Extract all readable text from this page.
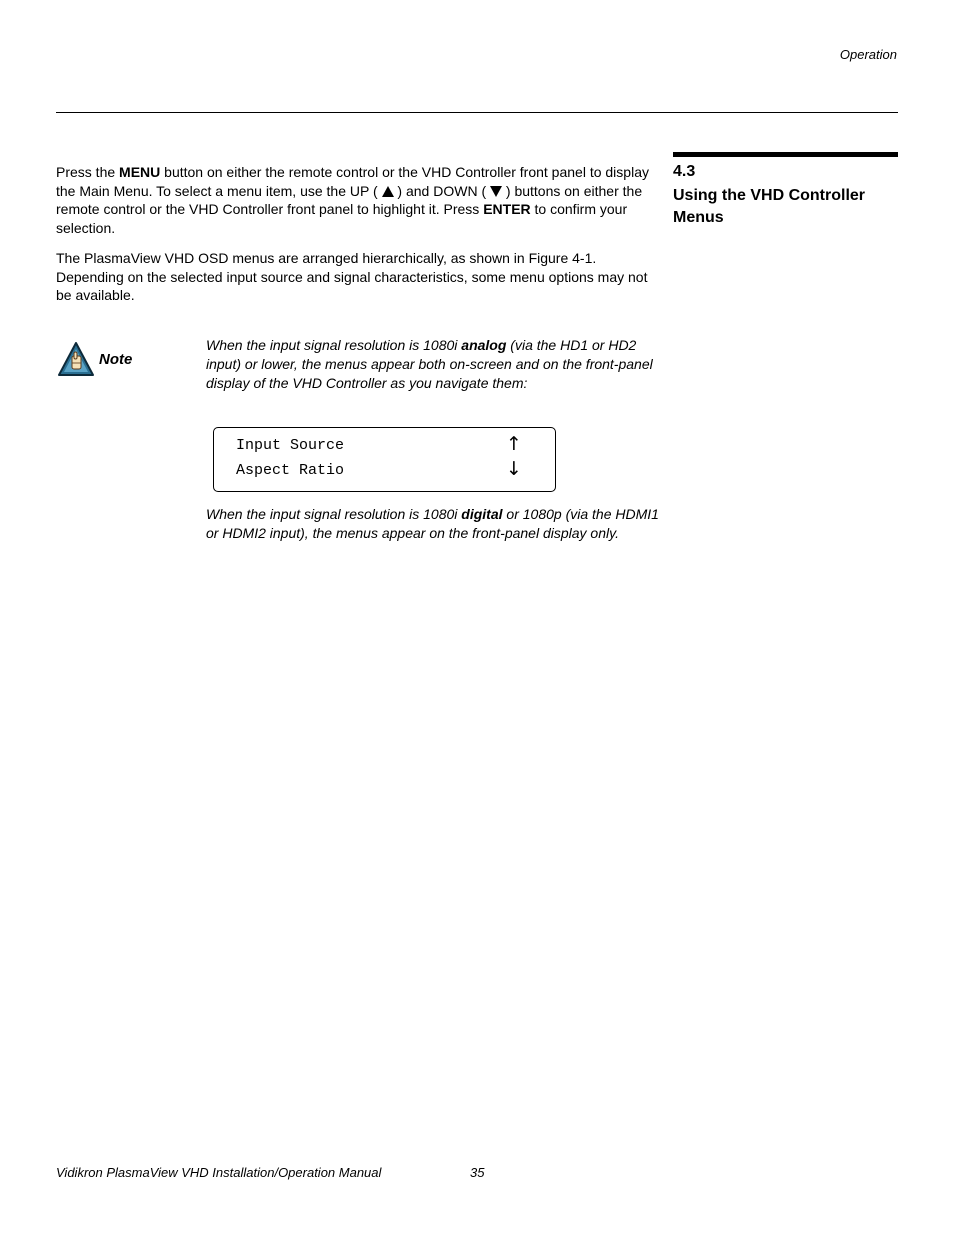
Operation
4.3
Using the VHD Controller Menus
Press the MENU button on either the remote control or the VHD Controller front panel to display the Main Menu. To select a menu item, use the UP (  ) and DOWN (  ) buttons on either the remote control or the VHD Controller front panel to highlight it. Press ENTER to confirm your selection.
The PlasmaView VHD OSD menus are arranged hierarchically, as shown in Figure 4-1. Depending on the selected input source and signal characteristics, some menu options may not be available.
Note
When the input signal resolution is 1080i analog (via the HD1 or HD2 input) or lower, the menus appear both on-screen and on the front-panel display of the VHD Controller as you navigate them:
Input Source
Aspect Ratio
↑
↓
When the input signal resolution is 1080i digital or 1080p (via the HDMI1 or HDMI2 input), the menus appear on the front-panel display only.
Vidikron PlasmaView VHD Installation/Operation Manual	35
